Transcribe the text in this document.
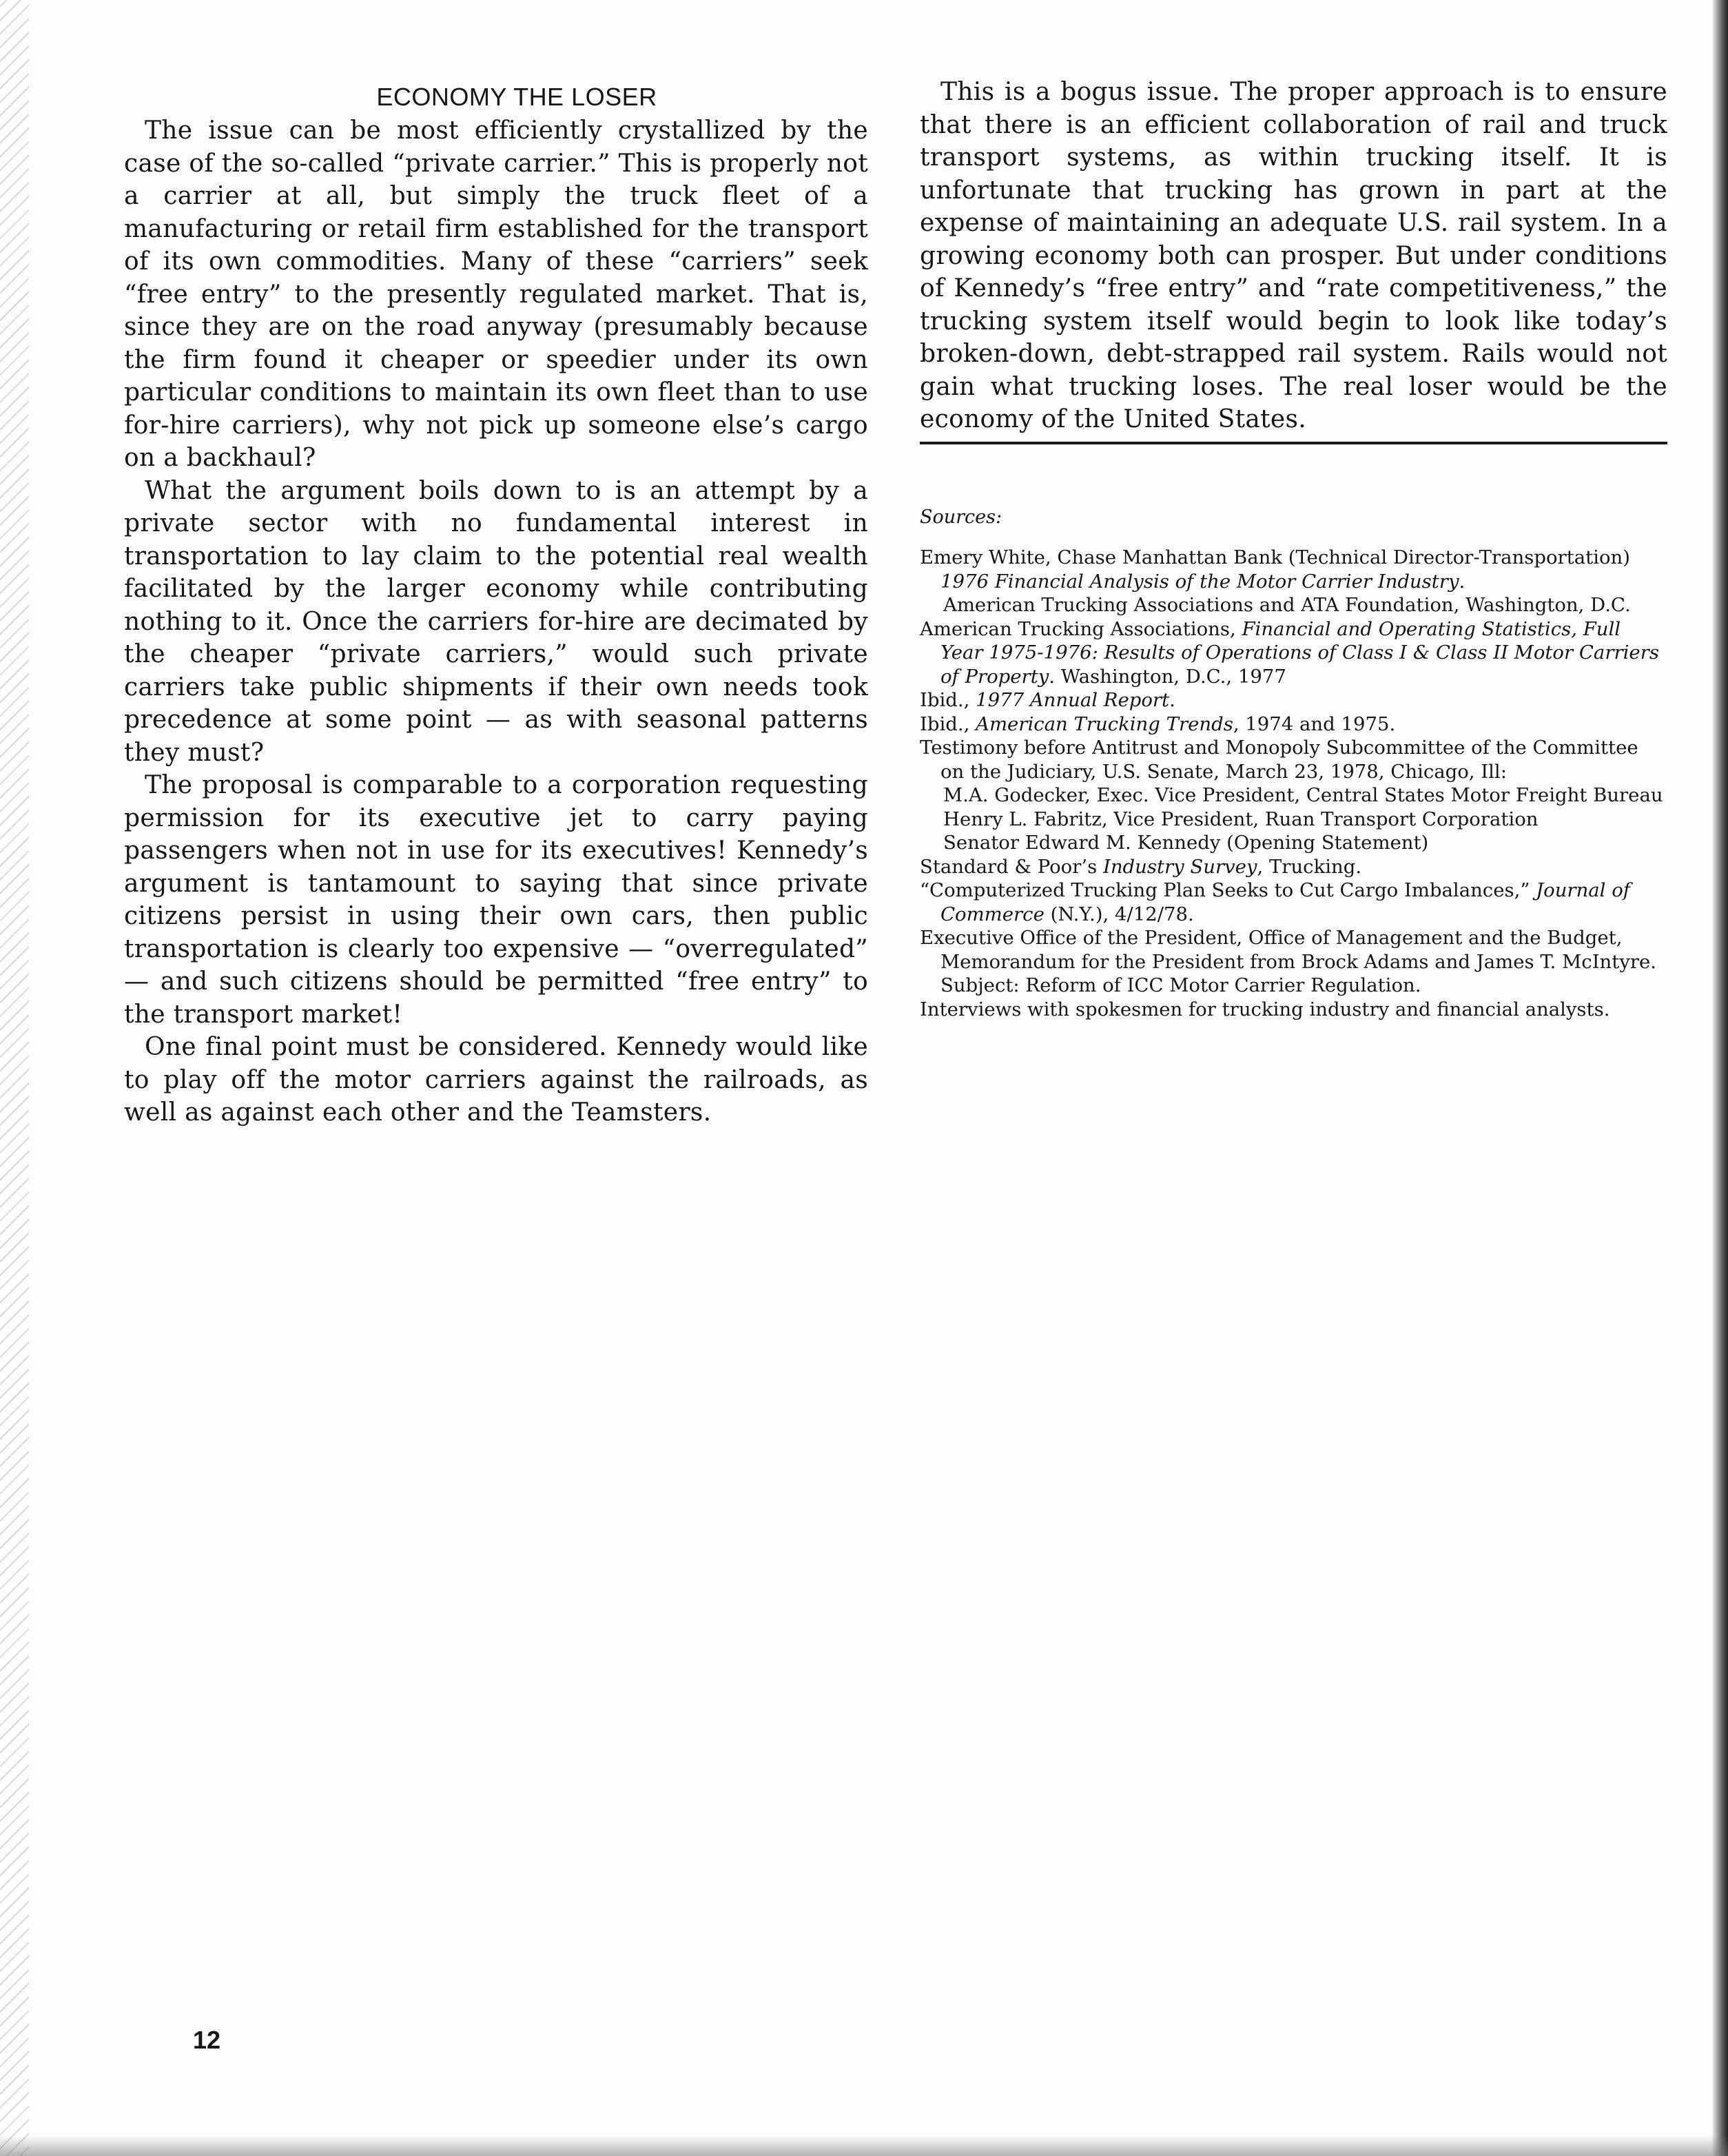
ECONOMY THE LOSER

The issue can be most efficiently crystallized by the case of the so-called “private carrier.” This is properly not a carrier at all, but simply the truck fleet of a manufacturing or retail firm established for the transport of its own commodities. Many of these “carriers” seek “free entry” to the presently regulated market. That is, since they are on the road anyway (presumably because the firm found it cheaper or speedier under its own particular conditions to maintain its own fleet than to use for-hire carriers), why not pick up someone else’s cargo on a backhaul?

What the argument boils down to is an attempt by a private sector with no fundamental interest in transportation to lay claim to the potential real wealth facilitated by the larger economy while contributing nothing to it. Once the carriers for-hire are decimated by the cheaper “private carriers,” would such private carriers take public shipments if their own needs took precedence at some point — as with seasonal patterns they must?

The proposal is comparable to a corporation requesting permission for its executive jet to carry paying passengers when not in use for its executives! Kennedy’s argument is tantamount to saying that since private citizens persist in using their own cars, then public transportation is clearly too expensive — “overregulated” — and such citizens should be permitted “free entry” to the transport market!

One final point must be considered. Kennedy would like to play off the motor carriers against the railroads, as well as against each other and the Teamsters.

This is a bogus issue. The proper approach is to ensure that there is an efficient collaboration of rail and truck transport systems, as within trucking itself. It is unfortunate that trucking has grown in part at the expense of maintaining an adequate U.S. rail system. In a growing economy both can prosper. But under conditions of Kennedy’s “free entry” and “rate competitiveness,” the trucking system itself would begin to look like today’s broken-down, debt-strapped rail system. Rails would not gain what trucking loses. The real loser would be the economy of the United States.

Sources:

Emery White, Chase Manhattan Bank (Technical Director-Transportation) 1976 Financial Analysis of the Motor Carrier Industry.
American Trucking Associations and ATA Foundation, Washington, D.C.
American Trucking Associations, Financial and Operating Statistics, Full Year 1975-1976: Results of Operations of Class I & Class II Motor Carriers of Property. Washington, D.C., 1977
Ibid., 1977 Annual Report.
Ibid., American Trucking Trends, 1974 and 1975.
Testimony before Antitrust and Monopoly Subcommittee of the Committee on the Judiciary, U.S. Senate, March 23, 1978, Chicago, Ill:
M.A. Godecker, Exec. Vice President, Central States Motor Freight Bureau
Henry L. Fabritz, Vice President, Ruan Transport Corporation
Senator Edward M. Kennedy (Opening Statement)
Standard & Poor’s Industry Survey, Trucking.
“Computerized Trucking Plan Seeks to Cut Cargo Imbalances,” Journal of Commerce (N.Y.), 4/12/78.
Executive Office of the President, Office of Management and the Budget, Memorandum for the President from Brock Adams and James T. McIntyre. Subject: Reform of ICC Motor Carrier Regulation.
Interviews with spokesmen for trucking industry and financial analysts.
12
